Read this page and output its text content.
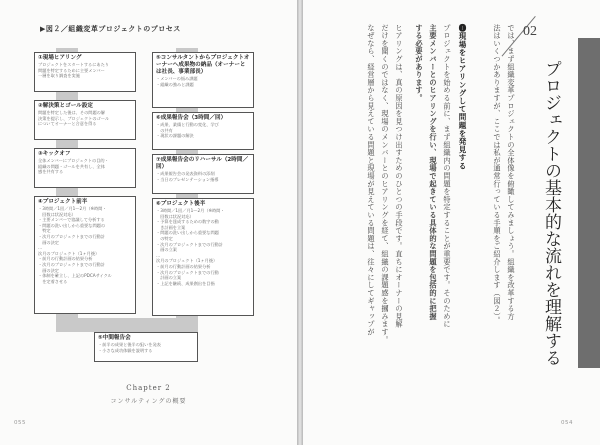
▶図２／組織変革プロジェクトのプロセス
①現場ヒアリング
プロジェクトをスタートするにあたり
問題を特定するために主要メンバー
一層を取り調査を実施
②解決策とゴール設定
問題を特定した後は、その問題の解
決策を提示し、プロジェクトのゴール
についてオーナーと合意を得る
③キックオフ
全体メンバーにプロジェクトの目的・
組織の問題・ゴールを共有し、全体
感を共有する
④プロジェクト前半
・3時間／1回／月1〜2月（※時間・
　回数は状況対応）
・主要メンバーで協議して分析する
・問題の洗い出しから重要な問題の
　特定
・次月のプロジェクトまでの行動計
　画の決定
…
次月のプロジェクト（1ヶ月後）
・前月の行動計画の結果分析
・次月のプロジェクトまでの行動計
　画の決定
・体制を確立し、上記のPDCAサイクル
　を定着させる
⑤コンサルタントからプロジェクトオーナーへ成果物の納品（オーナーとは社長、事業部長）
・メンバーの悩み課題
・組織の強みと課題
⑥成果報告会（3時間／回）
・成果、業績と行動の変化、学び
　の共有
・現状の課題の解決
⑦成果報告会のリハーサル（2時間／回）
・成果報告会の発表資料の添削
・当日のプレゼンテーション指導
⑥プロジェクト後半
・3時間／1回／月1〜2月（※時間・
　回数は状況対応）
・予算を達成するための数字の動
　き計画を立案
・問題の洗い出しから重要な問題
　の特定
・次月のプロジェクトまでの行動計
　画の立案
…
次月のプロジェクト（1ヶ月後）
・前月の行動計画の結果分析
・次月のプロジェクトまでの行動
　計画の立案
・上記を継続、成果創出を目指
⑤中間報告会
・前半の成果と後半の狙いを発表
・小さな成功体験を説明する
Chapter 2
コンサルティングの概要
055	054
02
プロジェクトの基本的な流れを理解する
では、まず組織変革プロジェクトの全体像を俯瞰してみましょう。組織を改革する方
法はいくつかありますが、ここでは私が通常行っている手順をご紹介します（図２）。
❶現場をヒアリングして問題を発見する
プロジェクトを始める前に、まず組織内の問題を特定することが重要です。そのために
主要メンバーとのヒアリングを行い、現場で起きている具体的な問題を包括的に把握
する必要があります。
ヒアリングは、真の原因を見つけ出すためのひとつの手段です。直ちにオーナーの見解
だけを聞くのではなく、現場のメンバーとのヒアリングを経て、組織の課題感を摑みます。
なぜなら、経営層から見えている問題と現場が見えている問題は、往々にしてギャップが
